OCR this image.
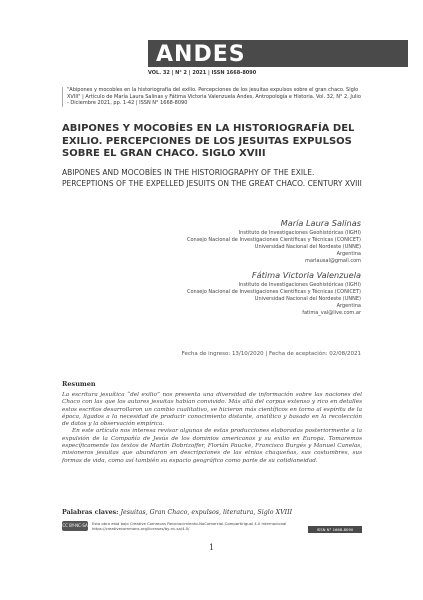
ANDES
VOL. 32 | N° 2 | 2021 | ISSN 1668-8090
"Abipones y mocobíes en la historiografía del exilio. Percepciones de los jesuitas expulsos sobre el gran chaco. Siglo XVIII" | Artículo de María Laura Salinas y Fátima Victoria Valenzuela Andes, Antropología e Historia. Vol. 32, N° 2, Julio - Diciembre 2021, pp. 1-42 | ISSN N° 1668-8090
ABIPONES Y MOCOBÍES EN LA HISTORIOGRAFÍA DEL EXILIO. PERCEPCIONES DE LOS JESUITAS EXPULSOS SOBRE EL GRAN CHACO. SIGLO XVIII
ABIPONES AND MOCOBÍES IN THE HISTORIOGRAPHY OF THE EXILE. PERCEPTIONS OF THE EXPELLED JESUITS ON THE GREAT CHACO. CENTURY XVIII
María Laura Salinas
Instituto de Investigaciones Geohistóricas (IIGHI)
Consejo Nacional de Investigaciones Científicas y Técnicas (CONICET)
Universidad Nacional del Nordeste (UNNE)
Argentina
marlausal@gmail.com
Fátima Victoria Valenzuela
Instituto de Investigaciones Geohistóricas (IIGHI)
Consejo Nacional de Investigaciones Científicas y Técnicas (CONICET)
Universidad Nacional del Nordeste (UNNE)
Argentina
fatima_val@live.com.ar
Fecha de ingreso: 13/10/2020 | Fecha de aceptación: 02/08/2021
Resumen

La escritura jesuítica “del exilio” nos presenta una diversidad de información sobre las naciones del Chaco con las que los autores jesuitas habían convivido. Más allá del corpus extenso y rico en detalles estos escritos desarrollaron un cambio cualitativo, se hicieron más científicos en torno al espíritu de la época, ligados a la necesidad de producir conocimiento distante, analítico y basado en la recolección de datos y la observación empírica.

En este artículo nos interesa revisar algunas de estas producciones elaboradas posteriormente a la expulsión de la Compañía de Jesús de los dominios americanos y su exilio en Europa. Tomaremos específicamente los textos de Martín Dobrizoffer, Florián Paucke, Francisco Burgés y Manuel Canelas, misioneros jesuitas que abundaron en descripciones de las etnias chaqueñas, sus costumbres, sus formas de vida, como así también su espacio geográfico como parte de su cotidianeidad.

Palabras claves: Jesuitas, Gran Chaco, expulsos, literatura, Siglo XVIII
CC BY-NC-SA Esta obra está bajo Creative Commons Reconocimiento-NoComercial-CompartirIgual 4.0 Internacional
https://creativecommons.org/licenses/by-nc-sa/4.0/	ISSN N° 1668-8090
1
